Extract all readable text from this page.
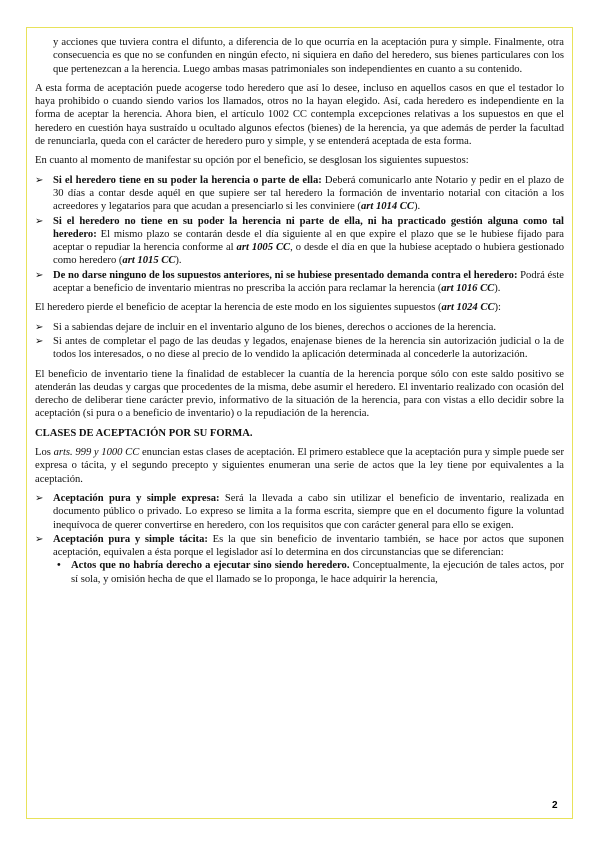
y acciones que tuviera contra el difunto, a diferencia de lo que ocurría en la aceptación pura y simple. Finalmente, otra consecuencia es que no se confunden en ningún efecto, ni siquiera en daño del heredero, sus bienes particulares con los que pertenezcan a la herencia. Luego ambas masas patrimoniales son independientes en cuanto a su contenido.

A esta forma de aceptación puede acogerse todo heredero que así lo desee, incluso en aquellos casos en que el testador lo haya prohibido o cuando siendo varios los llamados, otros no la hayan elegido. Así, cada heredero es independiente en la forma de aceptar la herencia. Ahora bien, el artículo 1002 CC contempla excepciones relativas a los supuestos en que el heredero en cuestión haya sustraído u ocultado algunos efectos (bienes) de la herencia, ya que además de perder la facultad de renunciarla, queda con el carácter de heredero puro y simple, y se entenderá aceptada de esta forma.

En cuanto al momento de manifestar su opción por el beneficio, se desglosan los siguientes supuestos:

➢ Si el heredero tiene en su poder la herencia o parte de ella: Deberá comunicarlo ante Notario y pedir en el plazo de 30 días a contar desde aquél en que supiere ser tal heredero la formación de inventario notarial con citación a los acreedores y legatarios para que acudan a presenciarlo si les conviniere (art 1014 CC).
➢ Si el heredero no tiene en su poder la herencia ni parte de ella, ni ha practicado gestión alguna como tal heredero: El mismo plazo se contarán desde el día siguiente al en que expire el plazo que se le hubiese fijado para aceptar o repudiar la herencia conforme al art 1005 CC, o desde el día en que la hubiese aceptado o hubiera gestionado como heredero (art 1015 CC).
➢ De no darse ninguno de los supuestos anteriores, ni se hubiese presentado demanda contra el heredero: Podrá éste aceptar a beneficio de inventario mientras no prescriba la acción para reclamar la herencia (art 1016 CC).

El heredero pierde el beneficio de aceptar la herencia de este modo en los siguientes supuestos (art 1024 CC):

➢ Si a sabiendas dejare de incluir en el inventario alguno de los bienes, derechos o acciones de la herencia.
➢ Si antes de completar el pago de las deudas y legados, enajenase bienes de la herencia sin autorización judicial o la de todos los interesados, o no diese al precio de lo vendido la aplicación determinada al concederle la autorización.

El beneficio de inventario tiene la finalidad de establecer la cuantía de la herencia porque sólo con este saldo positivo se atenderán las deudas y cargas que procedentes de la misma, debe asumir el heredero. El inventario realizado con ocasión del derecho de deliberar tiene carácter previo, informativo de la situación de la herencia, para con vistas a ello decidir sobre la aceptación (si pura o a beneficio de inventario) o la repudiación de la herencia.

CLASES DE ACEPTACIÓN POR SU FORMA.

Los arts. 999 y 1000 CC enuncian estas clases de aceptación. El primero establece que la aceptación pura y simple puede ser expresa o tácita, y el segundo precepto y siguientes enumeran una serie de actos que la ley tiene por equivalentes a la aceptación.

➢ Aceptación pura y simple expresa: Será la llevada a cabo sin utilizar el beneficio de inventario, realizada en documento público o privado. Lo expreso se limita a la forma escrita, siempre que en el documento figure la voluntad inequívoca de querer convertirse en heredero, con los requisitos que con carácter general para ello se exigen.
➢ Aceptación pura y simple tácita: Es la que sin beneficio de inventario también, se hace por actos que suponen aceptación, equivalen a ésta porque el legislador así lo determina en dos circunstancias que se diferencian:
• Actos que no habría derecho a ejecutar sino siendo heredero. Conceptualmente, la ejecución de tales actos, por sí sola, y omisión hecha de que el llamado se lo proponga, le hace adquirir la herencia,
2
